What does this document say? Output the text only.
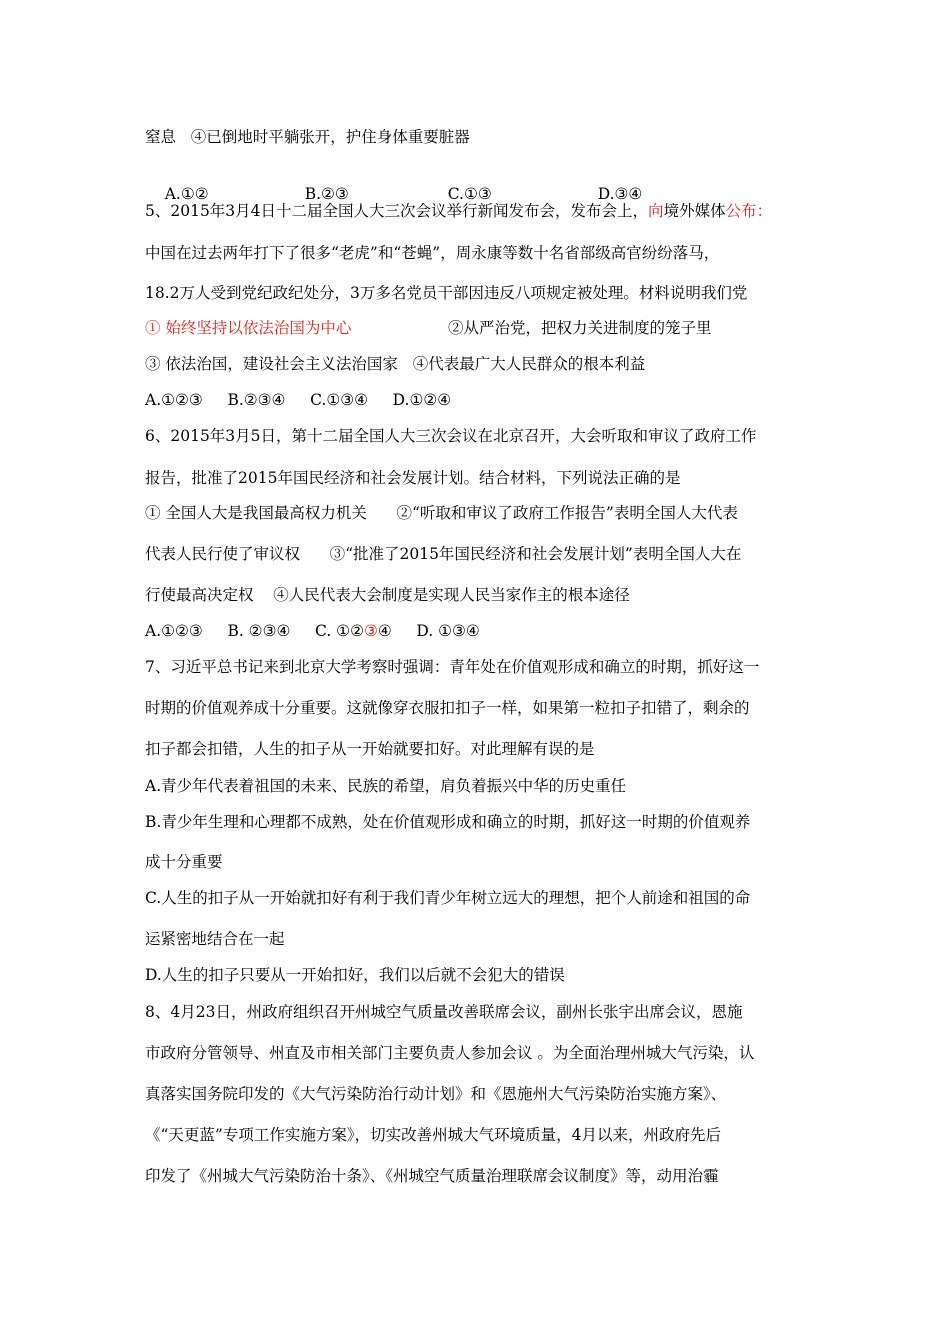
窒息   ④已倒地时平躺张开，护住身体重要脏器

A.①②	B.②③	C.①③	D.③④

5、2015年3月4日十二届全国人大三次会议举行新闻发布会，发布会上，向境外媒体公布：
中国在过去两年打下了很多“老虎”和“苍蝇”，周永康等数十名省部级高官纷纷落马，
18.2万人受到党纪政纪处分，3万多名党员干部因违反八项规定被处理。材料说明我们党
① 始终坚持以依法治国为中心	②从严治党，把权力关进制度的笼子里
③ 依法治国，建设社会主义法治国家   ④代表最广大人民群众的根本利益
A.①②③     B.②③④     C.①③④     D.①②④
6、2015年3月5日，第十二届全国人大三次会议在北京召开，大会听取和审议了政府工作
报告，批准了2015年国民经济和社会发展计划。结合材料，下列说法正确的是
① 全国人大是我国最高权力机关      ②“听取和审议了政府工作报告”表明全国人大代表
代表人民行使了审议权      ③“批准了2015年国民经济和社会发展计划”表明全国人大在
行使最高决定权    ④人民代表大会制度是实现人民当家作主的根本途径
A.①②③     B. ②③④     C. ①②③④     D. ①③④
7、习近平总书记来到北京大学考察时强调：青年处在价值观形成和确立的时期，抓好这一
时期的价值观养成十分重要。这就像穿衣服扣扣子一样，如果第一粒扣子扣错了，剩余的
扣子都会扣错，人生的扣子从一开始就要扣好。对此理解有误的是
A.青少年代表着祖国的未来、民族的希望，肩负着振兴中华的历史重任
B.青少年生理和心理都不成熟，处在价值观形成和确立的时期，抓好这一时期的价值观养
成十分重要
C.人生的扣子从一开始就扣好有利于我们青少年树立远大的理想，把个人前途和祖国的命
运紧密地结合在一起
D.人生的扣子只要从一开始扣好，我们以后就不会犯大的错误
8、4月23日，州政府组织召开州城空气质量改善联席会议，副州长张宇出席会议，恩施
市政府分管领导、州直及市相关部门主要负责人参加会议 。为全面治理州城大气污染，认
真落实国务院印发的《大气污染防治行动计划》和《恩施州大气污染防治实施方案》、
《“天更蓝”专项工作实施方案》，切实改善州城大气环境质量，4月以来，州政府先后
印发了《州城大气污染防治十条》、《州城空气质量治理联席会议制度》等，动用治霾
